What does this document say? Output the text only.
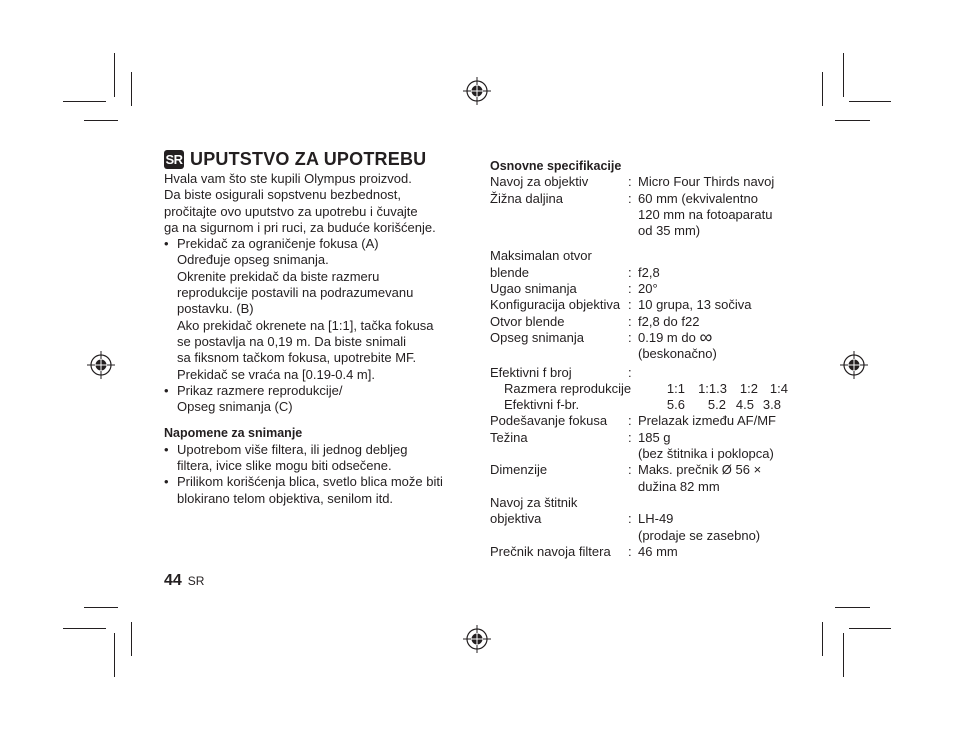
SR UPUTSTVO ZA UPOTREBU
Hvala vam što ste kupili Olympus proizvod.
Da biste osigurali sopstvenu bezbednost,
pročitajte ovo uputstvo za upotrebu i čuvajte
ga na sigurnom i pri ruci, za buduće korišćenje.
• Prekidač za ograničenje fokusa (A)
Određuje opseg snimanja.
Okrenite prekidač da biste razmeru
reprodukcije postavili na podrazumevanu
postavku. (B)
Ako prekidač okrenete na [1:1], tačka fokusa
se postavlja na 0,19 m. Da biste snimali
sa fiksnom tačkom fokusa, upotrebite MF.
Prekidač se vraća na [0.19-0.4 m].
• Prikaz razmere reprodukcije/
Opseg snimanja (C)
Napomene za snimanje
• Upotrebom više filtera, ili jednog debljeg
filtera, ivice slike mogu biti odsečene.
• Prilikom korišćenja blica, svetlo blica može biti
blokirano telom objektiva, senilom itd.
Osnovne specifikacije
Navoj za objektiv	: Micro Four Thirds navoj
Žižna daljina	: 60 mm (ekvivalentno
120 mm na fotoaparatu
od 35 mm)
Maksimalan otvor
blende	: f2,8
Ugao snimanja	: 20°
Konfiguracija objektiva : 10 grupa, 13 sočiva
Otvor blende	: f2,8 do f22
Opseg snimanja	: 0.19 m do ∞
(beskonačno)
Efektivni f broj	:
Razmera reprodukcije	1:1	1:1.3 1:2 1:4
Efektivni f-br.	5.6	5.2 4.5 3.8
Podešavanje fokusa	: Prelazak između AF/MF
Težina	: 185 g
(bez štitnika i poklopca)
Dimenzije	: Maks. prečnik Ø 56 ×
dužina 82 mm
Navoj za štitnik
objektiva	: LH-49
(prodaje se zasebno)
Prečnik navoja filtera	: 46 mm
44 SR
